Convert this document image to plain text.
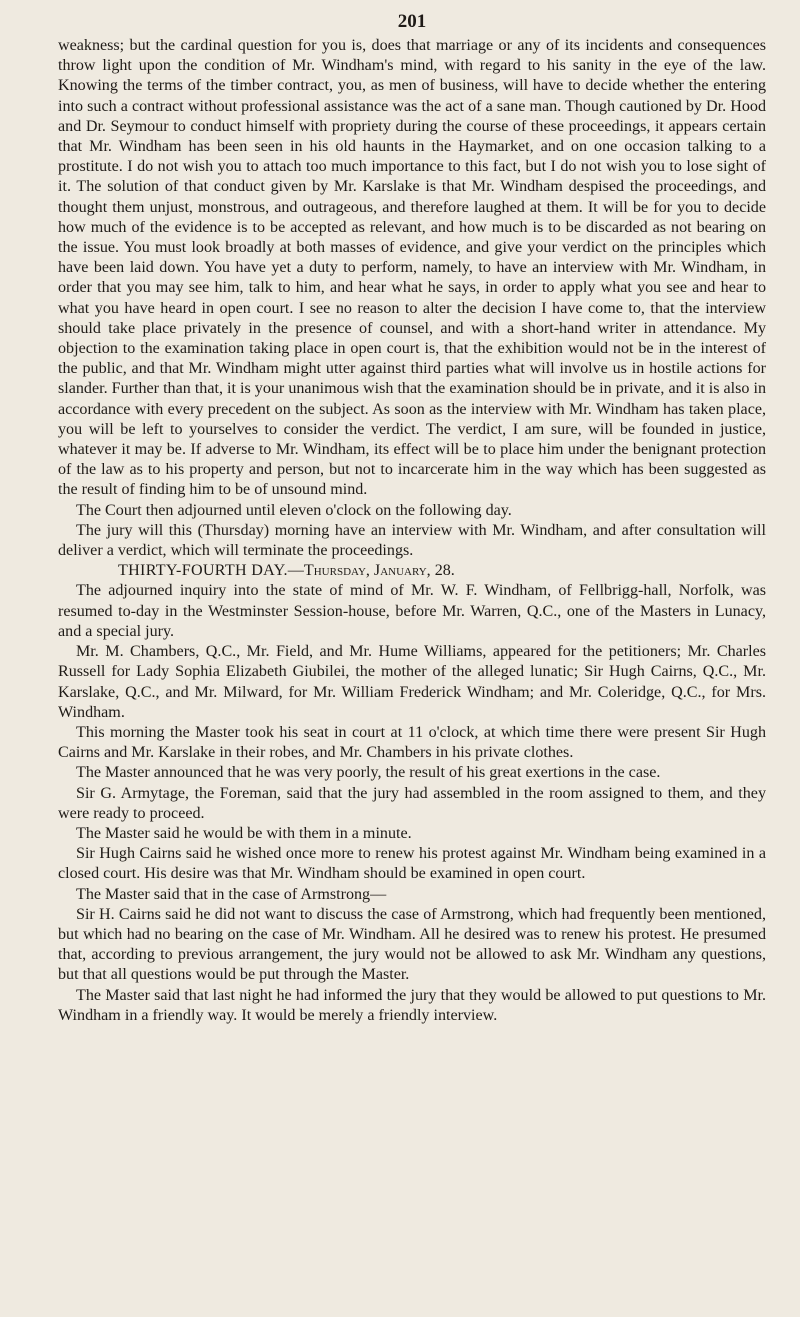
201

weakness; but the cardinal question for you is, does that marriage or any of its incidents and consequences throw light upon the condition of Mr. Windham's mind, with regard to his sanity in the eye of the law. Knowing the terms of the timber contract, you, as men of business, will have to decide whether the entering into such a contract without professional assistance was the act of a sane man. Though cautioned by Dr. Hood and Dr. Seymour to conduct himself with propriety during the course of these proceedings, it appears certain that Mr. Windham has been seen in his old haunts in the Haymarket, and on one occasion talking to a prostitute. I do not wish you to attach too much importance to this fact, but I do not wish you to lose sight of it. The solution of that conduct given by Mr. Karslake is that Mr. Windham despised the proceedings, and thought them unjust, monstrous, and outrageous, and therefore laughed at them. It will be for you to decide how much of the evidence is to be accepted as relevant, and how much is to be discarded as not bearing on the issue. You must look broadly at both masses of evidence, and give your verdict on the principles which have been laid down. You have yet a duty to perform, namely, to have an interview with Mr. Windham, in order that you may see him, talk to him, and hear what he says, in order to apply what you see and hear to what you have heard in open court. I see no reason to alter the decision I have come to, that the interview should take place privately in the presence of counsel, and with a short-hand writer in attendance. My objection to the examination taking place in open court is, that the exhibition would not be in the interest of the public, and that Mr. Windham might utter against third parties what will involve us in hostile actions for slander. Further than that, it is your unanimous wish that the examination should be in private, and it is also in accordance with every precedent on the subject. As soon as the interview with Mr. Windham has taken place, you will be left to yourselves to consider the verdict. The verdict, I am sure, will be founded in justice, whatever it may be. If adverse to Mr. Windham, its effect will be to place him under the benignant protection of the law as to his property and person, but not to incarcerate him in the way which has been suggested as the result of finding him to be of unsound mind.

The Court then adjourned until eleven o'clock on the following day.

The jury will this (Thursday) morning have an interview with Mr. Windham, and after consultation will deliver a verdict, which will terminate the proceedings.

THIRTY-FOURTH DAY.—Thursday, January, 28.

The adjourned inquiry into the state of mind of Mr. W. F. Windham, of Fellbrigg-hall, Norfolk, was resumed to-day in the Westminster Session-house, before Mr. Warren, Q.C., one of the Masters in Lunacy, and a special jury.

Mr. M. Chambers, Q.C., Mr. Field, and Mr. Hume Williams, appeared for the petitioners; Mr. Charles Russell for Lady Sophia Elizabeth Giubilei, the mother of the alleged lunatic; Sir Hugh Cairns, Q.C., Mr. Karslake, Q.C., and Mr. Milward, for Mr. William Frederick Windham; and Mr. Coleridge, Q.C., for Mrs. Windham.

This morning the Master took his seat in court at 11 o'clock, at which time there were present Sir Hugh Cairns and Mr. Karslake in their robes, and Mr. Chambers in his private clothes.

The Master announced that he was very poorly, the result of his great exertions in the case.

Sir G. Armytage, the Foreman, said that the jury had assembled in the room assigned to them, and they were ready to proceed.

The Master said he would be with them in a minute.

Sir Hugh Cairns said he wished once more to renew his protest against Mr. Windham being examined in a closed court. His desire was that Mr. Windham should be examined in open court.

The Master said that in the case of Armstrong—

Sir H. Cairns said he did not want to discuss the case of Armstrong, which had frequently been mentioned, but which had no bearing on the case of Mr. Windham. All he desired was to renew his protest. He presumed that, according to previous arrangement, the jury would not be allowed to ask Mr. Windham any questions, but that all questions would be put through the Master.

The Master said that last night he had informed the jury that they would be allowed to put questions to Mr. Windham in a friendly way. It would be merely a friendly interview.
